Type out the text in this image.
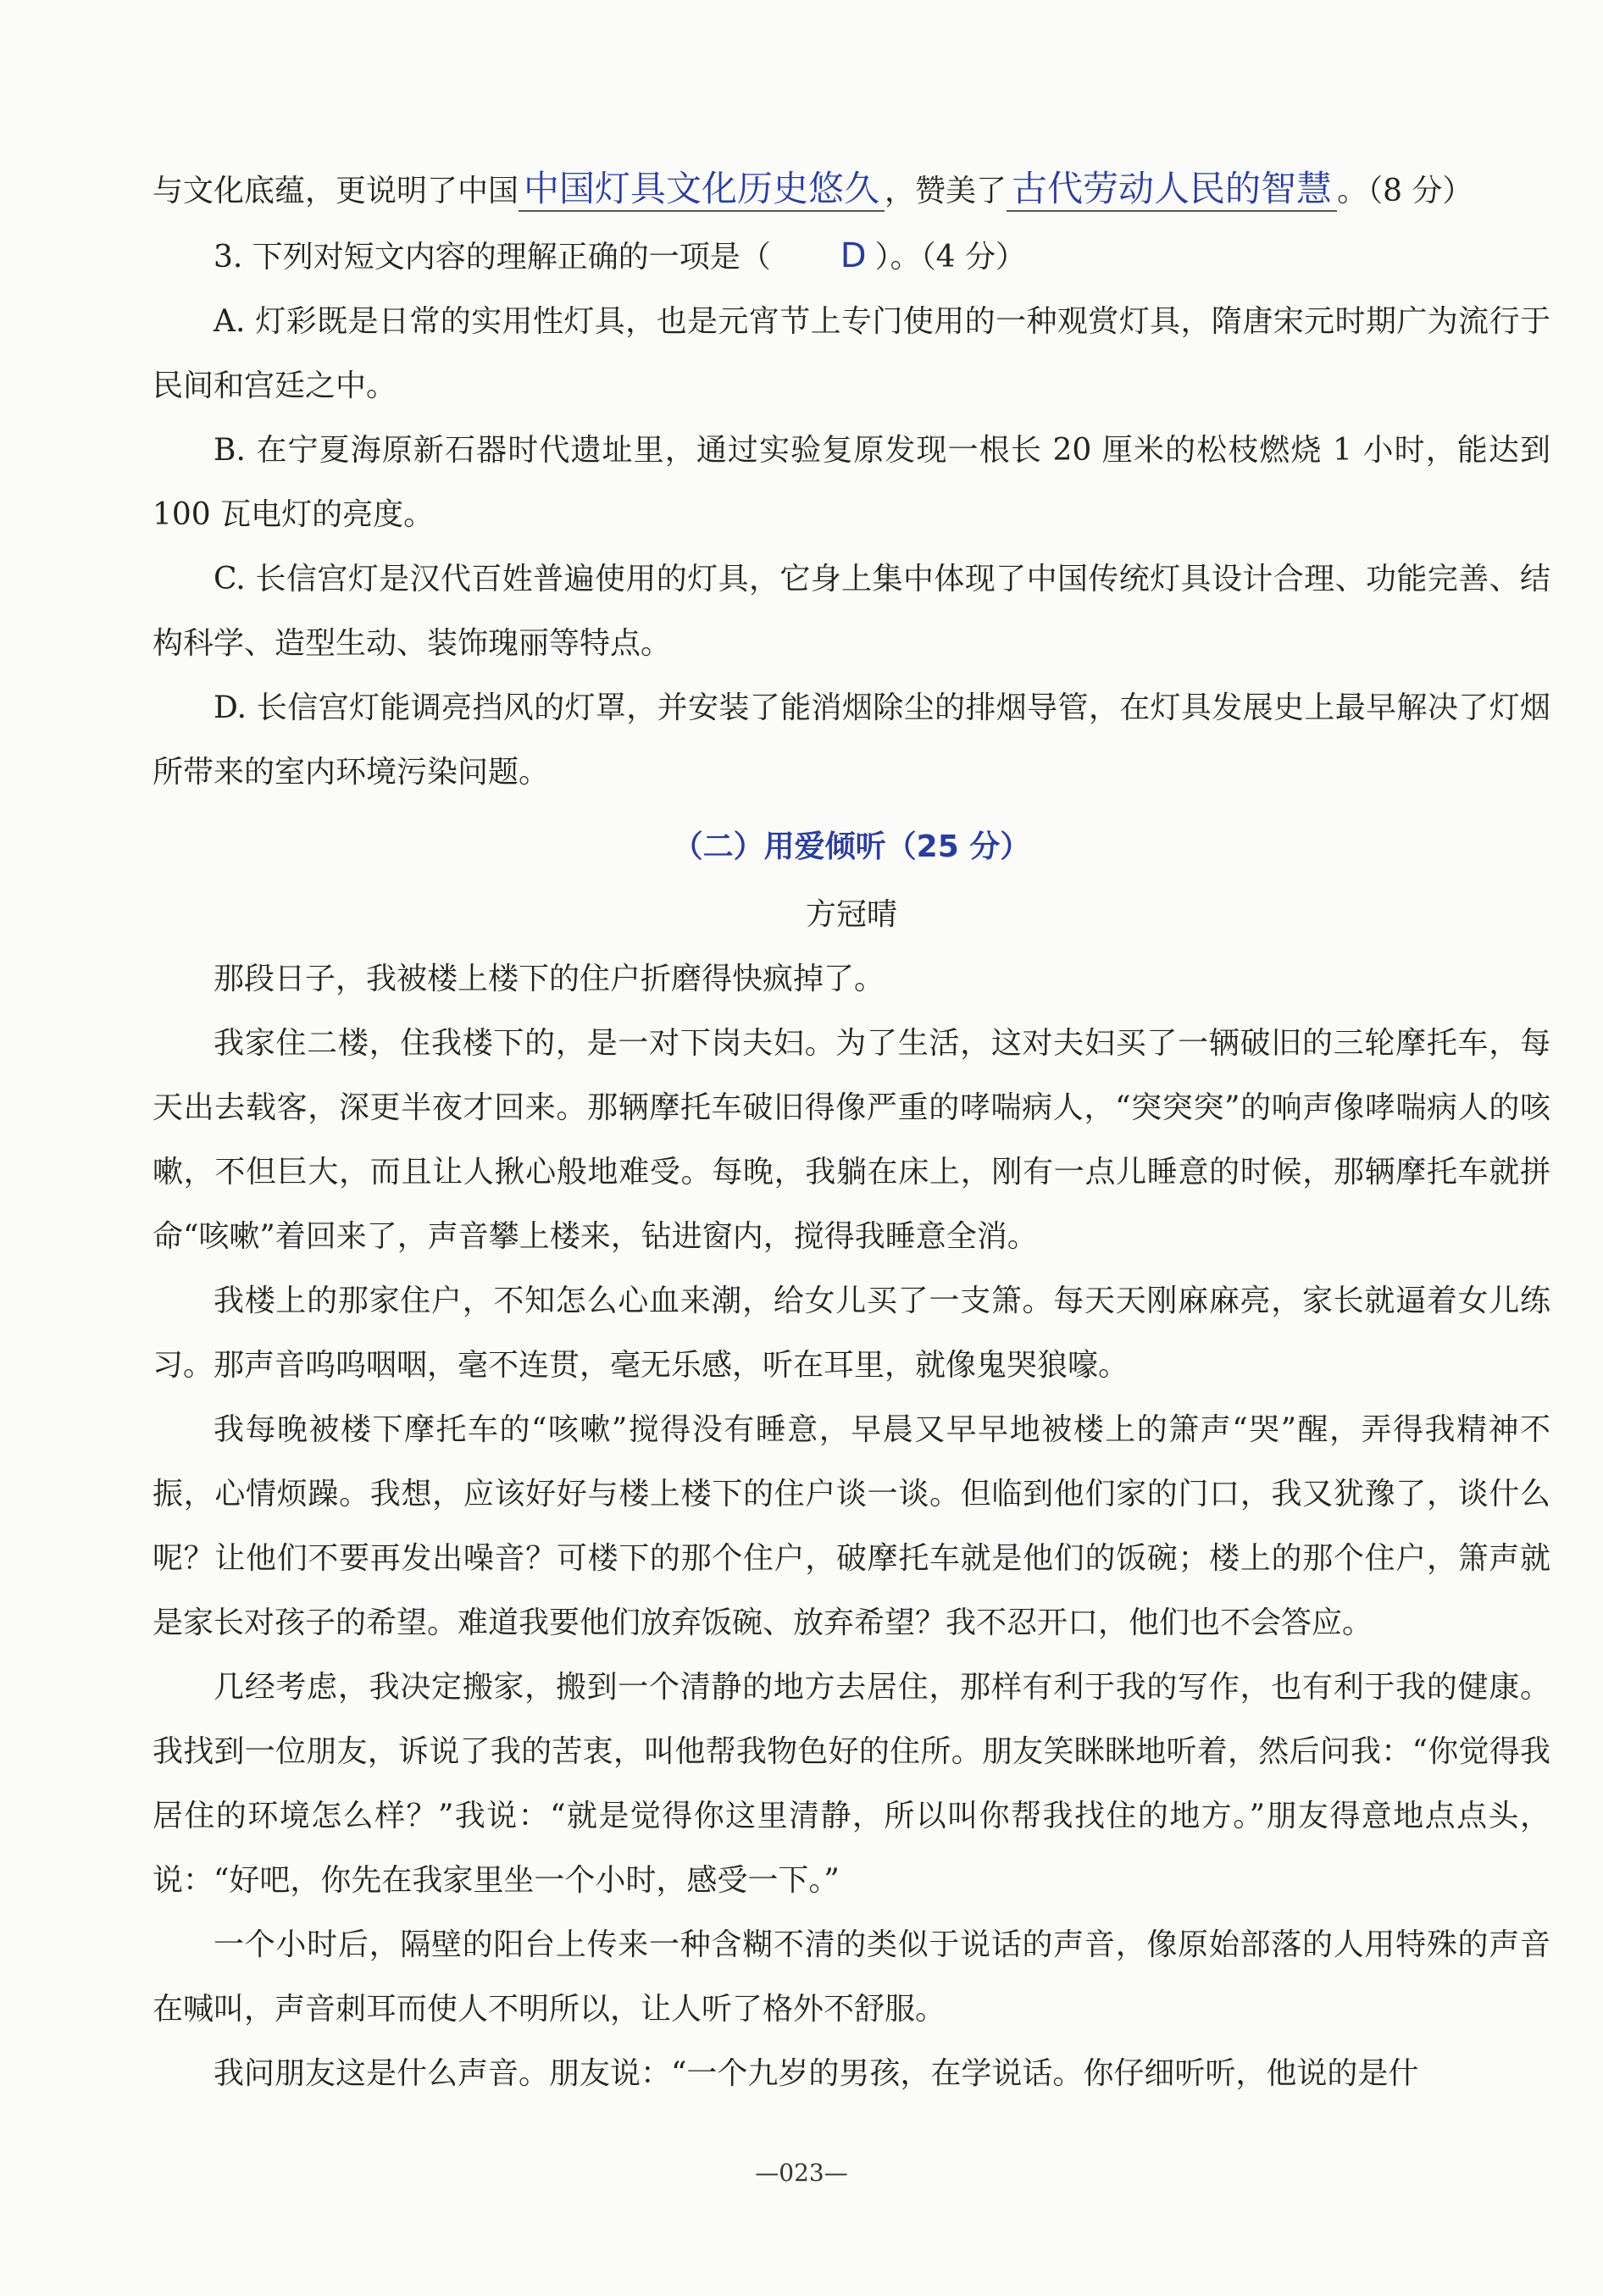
与文化底蕴，更说明了中国 中国灯具文化历史悠久 ，赞美了 古代劳动人民的智慧 。（8 分）

3. 下列对短文内容的理解正确的一项是（ D ）。（4 分）

A. 灯彩既是日常的实用性灯具，也是元宵节上专门使用的一种观赏灯具，隋唐宋元时期广为流行于民间和宫廷之中。

B. 在宁夏海原新石器时代遗址里，通过实验复原发现一根长 20 厘米的松枝燃烧 1 小时，能达到 100 瓦电灯的亮度。

C. 长信宫灯是汉代百姓普遍使用的灯具，它身上集中体现了中国传统灯具设计合理、功能完善、结构科学、造型生动、装饰瑰丽等特点。

D. 长信宫灯能调亮挡风的灯罩，并安装了能消烟除尘的排烟导管，在灯具发展史上最早解决了灯烟所带来的室内环境污染问题。

（二）用爱倾听（25 分）
方冠晴

那段日子，我被楼上楼下的住户折磨得快疯掉了。

我家住二楼，住我楼下的，是一对下岗夫妇。为了生活，这对夫妇买了一辆破旧的三轮摩托车，每天出去载客，深更半夜才回来。那辆摩托车破旧得像严重的哮喘病人，“突突突”的响声像哮喘病人的咳嗽，不但巨大，而且让人揪心般地难受。每晚，我躺在床上，刚有一点儿睡意的时候，那辆摩托车就拼命“咳嗽”着回来了，声音攀上楼来，钻进窗内，搅得我睡意全消。

我楼上的那家住户，不知怎么心血来潮，给女儿买了一支箫。每天天刚麻麻亮，家长就逼着女儿练习。那声音呜呜咽咽，毫不连贯，毫无乐感，听在耳里，就像鬼哭狼嚎。

我每晚被楼下摩托车的“咳嗽”搅得没有睡意，早晨又早早地被楼上的箫声“哭”醒，弄得我精神不振，心情烦躁。我想，应该好好与楼上楼下的住户谈一谈。但临到他们家的门口，我又犹豫了，谈什么呢？让他们不要再发出噪音？可楼下的那个住户，破摩托车就是他们的饭碗；楼上的那个住户，箫声就是家长对孩子的希望。难道我要他们放弃饭碗、放弃希望？我不忍开口，他们也不会答应。

几经考虑，我决定搬家，搬到一个清静的地方去居住，那样有利于我的写作，也有利于我的健康。我找到一位朋友，诉说了我的苦衷，叫他帮我物色好的住所。朋友笑眯眯地听着，然后问我：“你觉得我居住的环境怎么样？”我说：“就是觉得你这里清静，所以叫你帮我找住的地方。”朋友得意地点点头，说：“好吧，你先在我家里坐一个小时，感受一下。”

一个小时后，隔壁的阳台上传来一种含糊不清的类似于说话的声音，像原始部落的人用特殊的声音在喊叫，声音刺耳而使人不明所以，让人听了格外不舒服。

我问朋友这是什么声音。朋友说：“一个九岁的男孩，在学说话。你仔细听听，他说的是什

—023—
